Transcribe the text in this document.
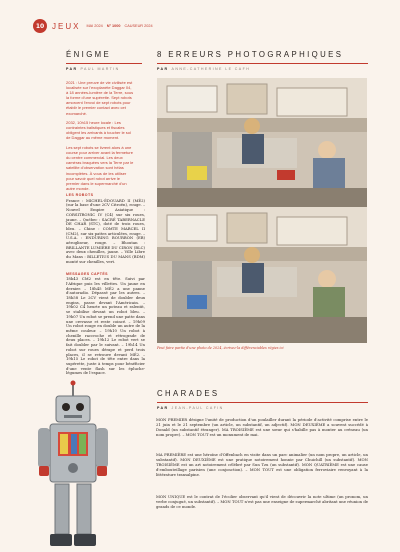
10 JEUX MAI 2024 N° 1000 CAUSEUR 2024
ÉNIGME
PAR PAUL MARTIN

2021 : Une preuve de vie civilisée est localisée sur l'exoplanète Daggar 04, à 18 années-lumière de la Terre, sous la forme d'une supérette. Sept robots amorcent l'envoi de sept robots pour établir le premier contact avec cet exomarché.

2032, 10h15 heure locale : Les contraintes balistiques et fiscales obligent les arrivants à toucher le sol de Daggar au même moment.

Les sept robots se livrent alors à une course pour arriver avant la fermeture du centre commercial. Les deux caméras braquées vers la Terre par le satellite d'observation sont hélas incomplètes. À vous de les utiliser pour savoir quel robot arrive le premier dans le supermarché d'un autre monde.

LES ROBOTS

France : MICHEL-ÉDOUARD II (MÉ2) (sur la base d'une 2CV Citroën), rouge. – Nouvel Empire Asiatique : CORSITRONIC IV (C4) sur six roues, jaune. – Québec : SACRÉ TABERNACLE DE CHAR (STC), doté de trois roues, bleu. – Chine : COMTE MARCEL II (CM2), sur six pattes articulées, rouge. – U.S.A. : ENDURING BOURBON (EB) aérogliseur, rouge. – Bhoutan : BRILLANTE LUMIÈRE DU CIRON (BLC) avec deux chenilles, jaune. – Ville Libre du Mans : BILLETIUS DU MANS (BDM) monté sur chenilles, vert.

MESSAGES CAPTÉS

18h43 CM2 est en tête. Suivi par l'Afrique puis les villettes. Un jaune en dernier. – 18h45 MÉ2 a une panne d'autoradio. Dépassé par les autres. – 18h58 Le 2CV vient de doubler deux engins, passe devant l'Américain. – 19h02 C4 heurte un poteau et ralentit, se stabilise devant un robot bleu. – 19h07 Un robot se prend une patte dans une crevasse et reste coincé. – 19h09 Un robot rouge en double un autre de la même couleur. – 19h10 Un robot à chenille raccroche et rétrograde de deux places. – 19h12 Le robot vert se fait doubler par le suivant. – 19h14 Un robot sur roues dérape et perd trois places, il se retrouve devant MÉ2. – 19h15 Le robot de tête entre dans la supérette, juste à temps pour bénéficier d'une vente flash sur les épluche-légumes de l'espace.

8 ERREURS PHOTOGRAPHIQUES
PAR ANNE-CATHERINE LE CAFH
Peut faire partie d'une photo de 2024, écrivez-la différenciables régies ici
CHARADES
PAR JEAN-PAUL CAFIN
MON PREMIER désigne l'unité de production d'un poulailler durant la période d'activité comprise entre le 21 juin et le 21 septembre (un article, un substantif, un adjectif). MON DEUXIÈME a souvent succédé à Donald (un substantif étranger). MA TROISIÈME est une sœur qui s'habille pas à monter au créneau (un nom propre). – MON TOUT est un monument de mai.
MA PREMIÈRE est une héroïne d'Offenbach en visite dans un parc animalier (un nom propre, un article, un substantif). MON DEUXIÈME est une pratique notoirement honnie par Chuichill (un substantif). MON TROISIÈME est un art notoirement célébré par Sun Tzu (un substantif). MON QUATRIÈME est une cause d'embouteillage parisien (une conjonction). – MON TOUT est une obligation ferroviaire renvoyant à la littérature transalpine.
MON UNIQUE est le contrat de l'écolier observant qu'il vient de découvrir la note ultime (un pronom, un verbe conjugué, un substantif). – MON TOUT n'est pas une enseigne de supermarché abritant une réunion de grands de ce monde.
